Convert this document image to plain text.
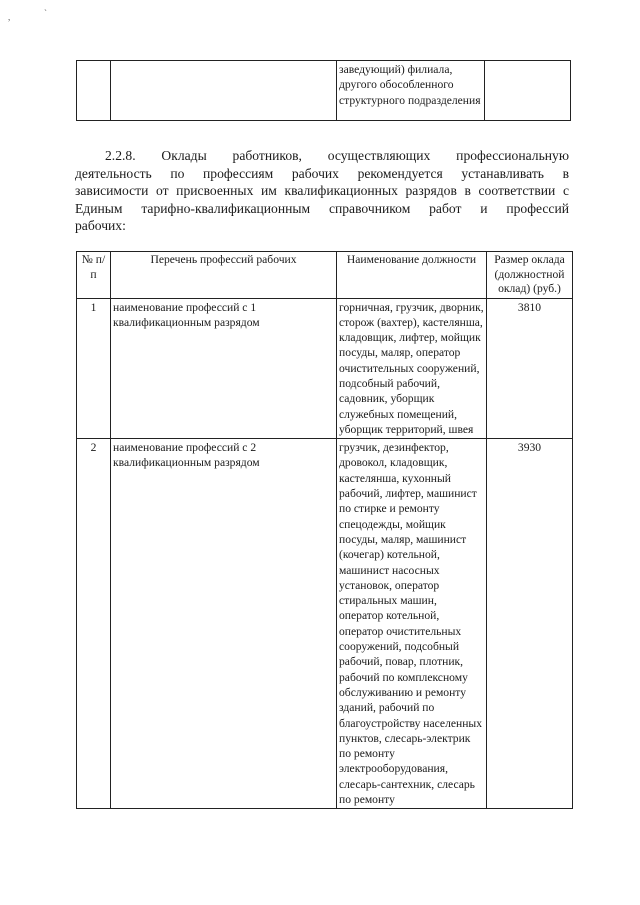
,	`
		заведующий) филиала, другого обособленного структурного подразделения	
2.2.8. Оклады работников, осуществляющих профессиональную
деятельность по профессиям рабочих рекомендуется устанавливать в
зависимости от присвоенных им квалификационных разрядов в соответствии с
Единым тарифно-квалификационным справочником работ и профессий
рабочих:
№ п/п	Перечень профессий рабочих	Наименование должности	Размер оклада (должностной оклад) (руб.)
1	наименование профессий с 1 квалификационным разрядом	горничная, грузчик, дворник, сторож (вахтер), кастелянша, кладовщик, лифтер, мойщик посуды, маляр, оператор очистительных сооружений, подсобный рабочий, садовник, уборщик служебных помещений, уборщик территорий, швея	3810
2	наименование профессий с 2 квалификационным разрядом	грузчик, дезинфектор, дровокол, кладовщик, кастелянша, кухонный рабочий, лифтер, машинист по стирке и ремонту спецодежды, мойщик посуды, маляр, машинист (кочегар) котельной, машинист насосных установок, оператор стиральных машин, оператор котельной, оператор очистительных сооружений, подсобный рабочий, повар, плотник, рабочий по комплексному обслуживанию и ремонту зданий, рабочий по благоустройству населенных пунктов, слесарь-электрик по ремонту электрооборудования, слесарь-сантехник, слесарь по ремонту	3930
